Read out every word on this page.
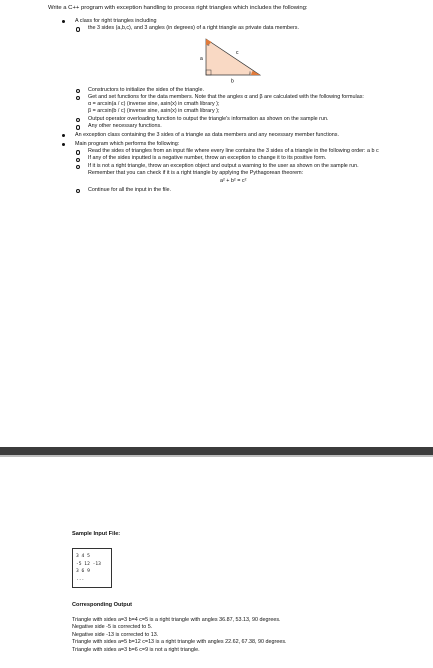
Write a C++ program with exception handling to process right triangles which includes the following:
A class for right triangles including
the 3 sides (a,b,c), and 3 angles (in degrees) of a right triangle as private data members.
a
b
c
α
β
Constructors to initialize the sides of the triangle.
Get and set functions for the data members. Note that the angles α and β are calculated with the following formulas:
α = arcsin(a / c) (inverse sine, asin(x) in cmath library );
β = arcsin(b / c) (inverse sine, asin(x) in cmath library );
Output operator overloading function to output the triangle's information as shown on the sample run.
Any other necessary functions.
An exception class containing the 3 sides of a triangle as data members and any necessary member functions.
Main program which performs the following:
Read the sides of triangles from an input file where every line contains the 3 sides of a triangle in the following order: a b c
If any of the sides inputted is a negative number, throw an exception to change it to its positive form.
If it is not a right triangle, throw an exception object and output a warning to the user as shown on the sample run. Remember that you can check if it is a right triangle by applying the Pythagorean theorem:
a² + b² = c²
Continue for all the input in the file.
Sample Input File:
3 4 5
-5 12 -13
3 6 9
...
Corresponding Output
Triangle with sides a=3 b=4 c=5 is a right triangle with angles 36.87, 53.13, 90 degrees.
Negative side -5 is corrected to 5.
Negative side -13 is corrected to 13.
Triangle with sides a=5 b=12 c=13 is a right triangle with angles 22.62, 67.38, 90 degrees.
Triangle with sides a=3 b=6 c=9 is not a right triangle.
